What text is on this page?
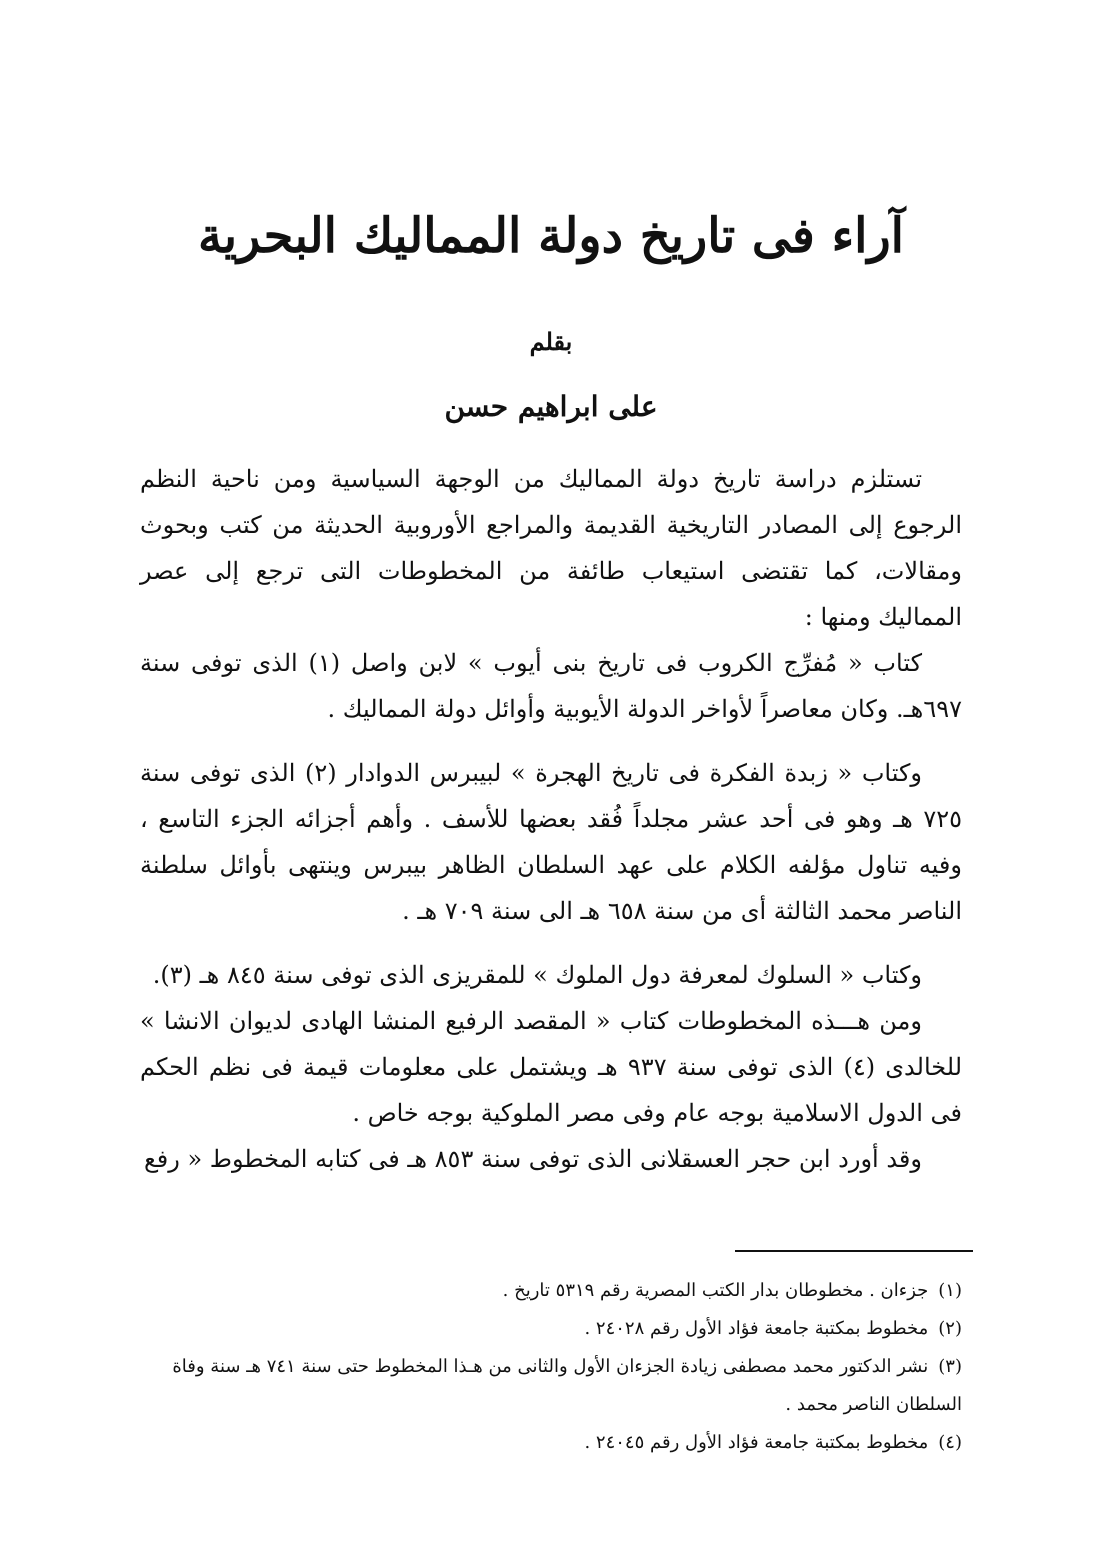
آراء فى تاريخ دولة المماليك البحرية
بقلم
على ابراهيم حسن

تستلزم دراسة تاريخ دولة المماليك من الوجهة السياسية ومن ناحية النظم الرجوع إلى المصادر التاريخية القديمة والمراجع الأوروبية الحديثة من كتب وبحوث ومقالات، كما تقتضى استيعاب طائفة من المخطوطات التى ترجع إلى عصر المماليك ومنها :

كتاب « مُفرِّج الكروب فى تاريخ بنى أيوب » لابن واصل (١) الذى توفى سنة ٦٩٧هـ. وكان معاصراً لأواخر الدولة الأيوبية وأوائل دولة المماليك .

وكتاب « زبدة الفكرة فى تاريخ الهجرة » لبيبرس الدوادار (٢) الذى توفى سنة ٧٢٥ هـ وهو فى أحد عشر مجلداً فُقد بعضها للأسف . وأهم أجزائه الجزء التاسع ، وفيه تناول مؤلفه الكلام على عهد السلطان الظاهر بيبرس وينتهى بأوائل سلطنة الناصر محمد الثالثة أى من سنة ٦٥٨ هـ الى سنة ٧٠٩ هـ .

وكتاب « السلوك لمعرفة دول الملوك » للمقريزى الذى توفى سنة ٨٤٥ هـ (٣).

ومن هـــذه المخطوطات كتاب « المقصد الرفيع المنشا الهادى لديوان الانشا » للخالدى (٤) الذى توفى سنة ٩٣٧ هـ ويشتمل على معلومات قيمة فى نظم الحكم فى الدول الاسلامية بوجه عام وفى مصر الملوكية بوجه خاص .

وقد أورد ابن حجر العسقلانى الذى توفى سنة ٨٥٣ هـ فى كتابه المخطوط « رفع

(١)جزءان . مخطوطان بدار الكتب المصرية رقم ٥٣١٩ تاريخ .

(٢)مخطوط بمكتبة جامعة فؤاد الأول رقم ٢٤٠٢٨ .

(٣)نشر الدكتور محمد مصطفى زيادة الجزءان الأول والثانى من هـذا المخطوط حتى سنة ٧٤١ هـ سنة وفاة السلطان الناصر محمد .

(٤)مخطوط بمكتبة جامعة فؤاد الأول رقم ٢٤٠٤٥ .
